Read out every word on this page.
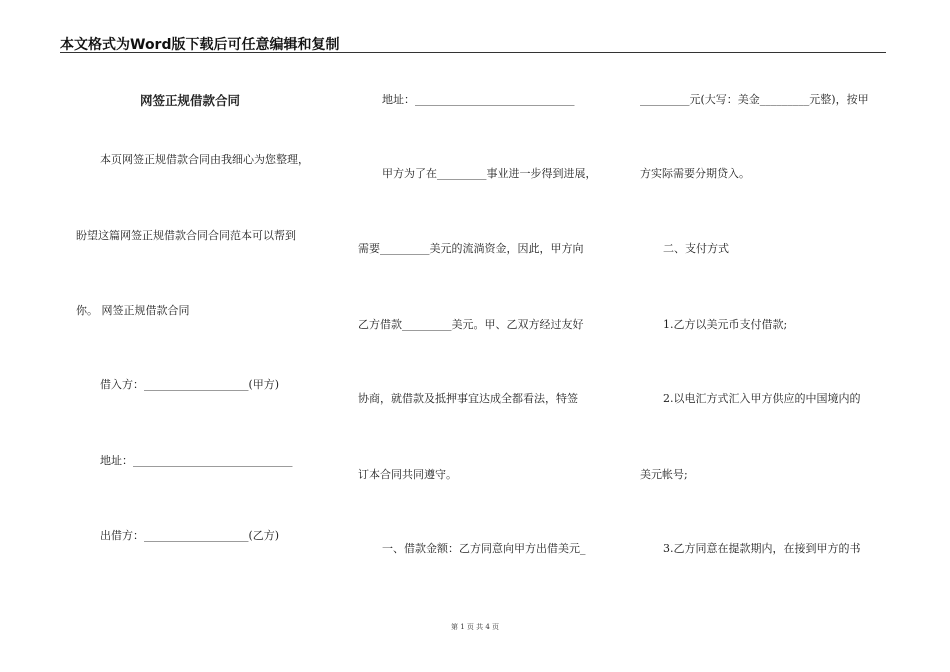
本文格式为Word版下载后可任意编辑和复制
网签正规借款合同
本页网签正规借款合同由我细心为您整理，
盼望这篇网签正规借款合同合同范本可以帮到
你。 网签正规借款合同
借入方：___________________(甲方)
地址：_____________________________
出借方：___________________(乙方)
地址：_____________________________
甲方为了在_________事业进一步得到进展，
需要_________美元的流淌资金，因此，甲方向
乙方借款_________美元。甲、乙双方经过友好
协商，就借款及抵押事宜达成全都看法，特签
订本合同共同遵守。
一、借款金额：乙方同意向甲方出借美元_
_________元(大写：美金_________元整)，按甲
方实际需要分期贷入。
二、支付方式
1.乙方以美元币支付借款;
2.以电汇方式汇入甲方供应的中国境内的
美元帐号;
3.乙方同意在提款期内，在接到甲方的书
第 1 页 共 4 页
